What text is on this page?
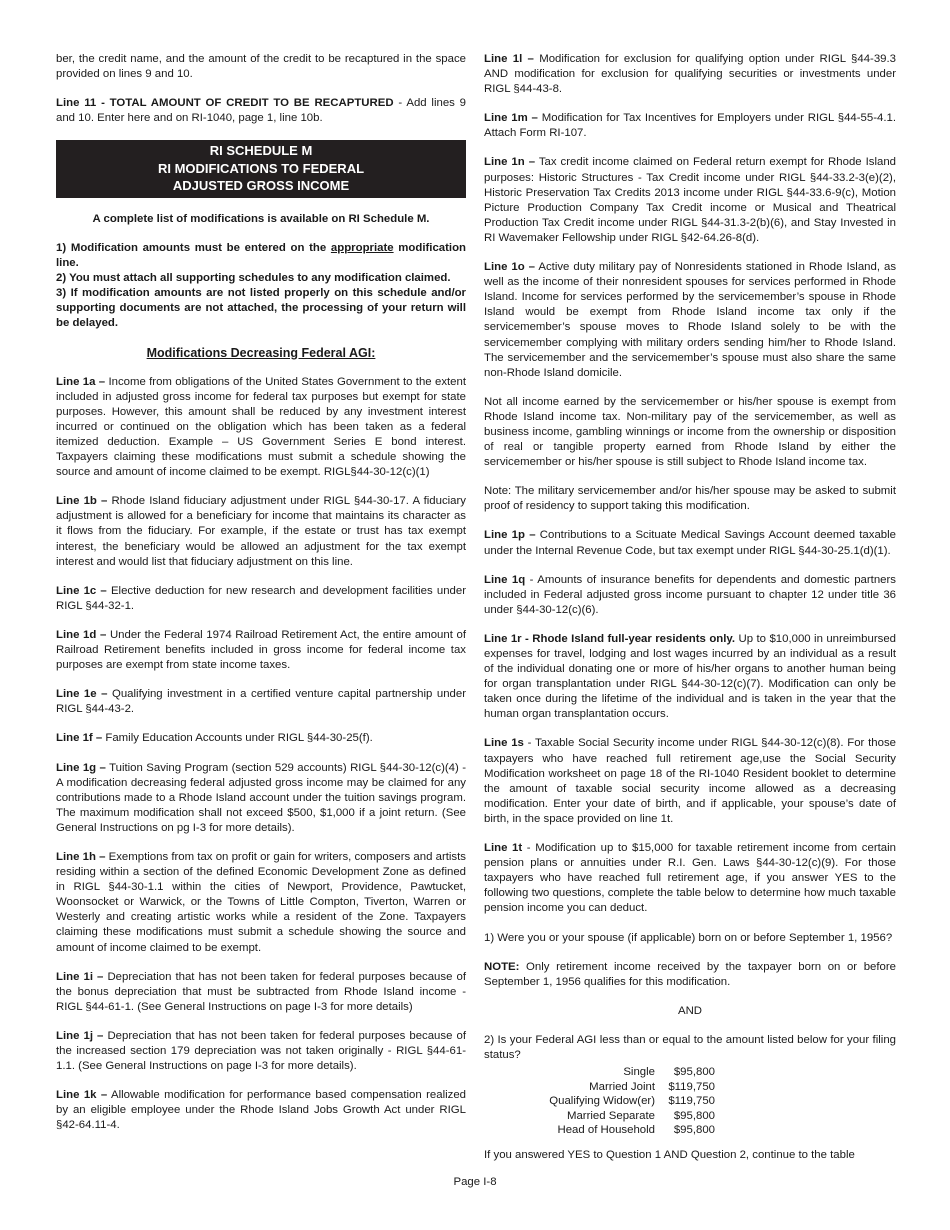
ber, the credit name, and the amount of the credit to be recaptured in the space provided on lines 9 and 10.

Line 11 - TOTAL AMOUNT OF CREDIT TO BE RECAPTURED - Add lines 9 and 10. Enter here and on RI-1040, page 1, line 10b.

RI SCHEDULE M
RI MODIFICATIONS TO FEDERAL
ADJUSTED GROSS INCOME

A complete list of modifications is available on RI Schedule M.

1) Modification amounts must be entered on the appropriate modification line.
2) You must attach all supporting schedules to any modification claimed.
3) If modification amounts are not listed properly on this schedule and/or supporting documents are not attached, the processing of your return will be delayed.
Modifications Decreasing Federal AGI:

Line 1a – Income from obligations of the United States Government to the extent included in adjusted gross income for federal tax purposes but exempt for state purposes. However, this amount shall be reduced by any investment interest incurred or continued on the obligation which has been taken as a federal itemized deduction. Example – US Government Series E bond interest. Taxpayers claiming these modifications must submit a schedule showing the source and amount of income claimed to be exempt. RIGL§44-30-12(c)(1)

Line 1b – Rhode Island fiduciary adjustment under RIGL §44-30-17. A fiduciary adjustment is allowed for a beneficiary for income that maintains its character as it flows from the fiduciary. For example, if the estate or trust has tax exempt interest, the beneficiary would be allowed an adjustment for the tax exempt interest and would list that fiduciary adjustment on this line.

Line 1c – Elective deduction for new research and development facilities under RIGL §44-32-1.

Line 1d – Under the Federal 1974 Railroad Retirement Act, the entire amount of Railroad Retirement benefits included in gross income for federal income tax purposes are exempt from state income taxes.

Line 1e – Qualifying investment in a certified venture capital partnership under RIGL §44-43-2.

Line 1f – Family Education Accounts under RIGL §44-30-25(f).

Line 1g – Tuition Saving Program (section 529 accounts) RIGL §44-30-12(c)(4) - A modification decreasing federal adjusted gross income may be claimed for any contributions made to a Rhode Island account under the tuition savings program. The maximum modification shall not exceed $500, $1,000 if a joint return. (See General Instructions on pg I-3 for more details).

Line 1h – Exemptions from tax on profit or gain for writers, composers and artists residing within a section of the defined Economic Development Zone as defined in RIGL §44-30-1.1 within the cities of Newport, Providence, Pawtucket, Woonsocket or Warwick, or the Towns of Little Compton, Tiverton, Warren or Westerly and creating artistic works while a resident of the Zone. Taxpayers claiming these modifications must submit a schedule showing the source and amount of income claimed to be exempt.

Line 1i – Depreciation that has not been taken for federal purposes because of the bonus depreciation that must be subtracted from Rhode Island income - RIGL §44-61-1. (See General Instructions on page I-3 for more details)

Line 1j – Depreciation that has not been taken for federal purposes because of the increased section 179 depreciation was not taken originally - RIGL §44-61-1.1. (See General Instructions on page I-3 for more details).

Line 1k – Allowable modification for performance based compensation realized by an eligible employee under the Rhode Island Jobs Growth Act under RIGL §42-64.11-4.

Line 1l – Modification for exclusion for qualifying option under RIGL §44-39.3 AND modification for exclusion for qualifying securities or investments under RIGL §44-43-8.

Line 1m – Modification for Tax Incentives for Employers under RIGL §44-55-4.1. Attach Form RI-107.

Line 1n – Tax credit income claimed on Federal return exempt for Rhode Island purposes: Historic Structures - Tax Credit income under RIGL §44-33.2-3(e)(2), Historic Preservation Tax Credits 2013 income under RIGL §44-33.6-9(c), Motion Picture Production Company Tax Credit income or Musical and Theatrical Production Tax Credit income under RIGL §44-31.3-2(b)(6), and Stay Invested in RI Wavemaker Fellowship under RIGL §42-64.26-8(d).

Line 1o – Active duty military pay of Nonresidents stationed in Rhode Island, as well as the income of their nonresident spouses for services performed in Rhode Island. Income for services performed by the servicemember’s spouse in Rhode Island would be exempt from Rhode Island income tax only if the servicemember’s spouse moves to Rhode Island solely to be with the servicemember complying with military orders sending him/her to Rhode Island. The servicemember and the servicemember’s spouse must also share the same non-Rhode Island domicile.

Not all income earned by the servicemember or his/her spouse is exempt from Rhode Island income tax. Non-military pay of the servicemember, as well as business income, gambling winnings or income from the ownership or disposition of real or tangible property earned from Rhode Island by either the servicemember or his/her spouse is still subject to Rhode Island income tax.

Note: The military servicemember and/or his/her spouse may be asked to submit proof of residency to support taking this modification.

Line 1p – Contributions to a Scituate Medical Savings Account deemed taxable under the Internal Revenue Code, but tax exempt under RIGL §44-30-25.1(d)(1).

Line 1q - Amounts of insurance benefits for dependents and domestic partners included in Federal adjusted gross income pursuant to chapter 12 under title 36 under §44-30-12(c)(6).

Line 1r - Rhode Island full-year residents only. Up to $10,000 in unreimbursed expenses for travel, lodging and lost wages incurred by an individual as a result of the individual donating one or more of his/her organs to another human being for organ transplantation under RIGL §44-30-12(c)(7). Modification can only be taken once during the lifetime of the individual and is taken in the year that the human organ transplantation occurs.

Line 1s - Taxable Social Security income under RIGL §44-30-12(c)(8). For those taxpayers who have reached full retirement age,use the Social Security Modification worksheet on page 18 of the RI-1040 Resident booklet to determine the amount of taxable social security income allowed as a decreasing modification. Enter your date of birth, and if applicable, your spouse’s date of birth, in the space provided on line 1t.

Line 1t - Modification up to $15,000 for taxable retirement income from certain pension plans or annuities under R.I. Gen. Laws §44-30-12(c)(9). For those taxpayers who have reached full retirement age, if you answer YES to the following two questions, complete the table below to determine how much taxable pension income you can deduct.

1) Were you or your spouse (if applicable) born on or before September 1, 1956?

NOTE: Only retirement income received by the taxpayer born on or before September 1, 1956 qualifies for this modification.

AND

2) Is your Federal AGI less than or equal to the amount listed below for your filing status?

Single	$95,800
Married Joint	$119,750
Qualifying Widow(er)	$119,750
Married Separate	$95,800
Head of Household	$95,800

If you answered YES to Question 1 AND Question 2, continue to the table

Page I-8
